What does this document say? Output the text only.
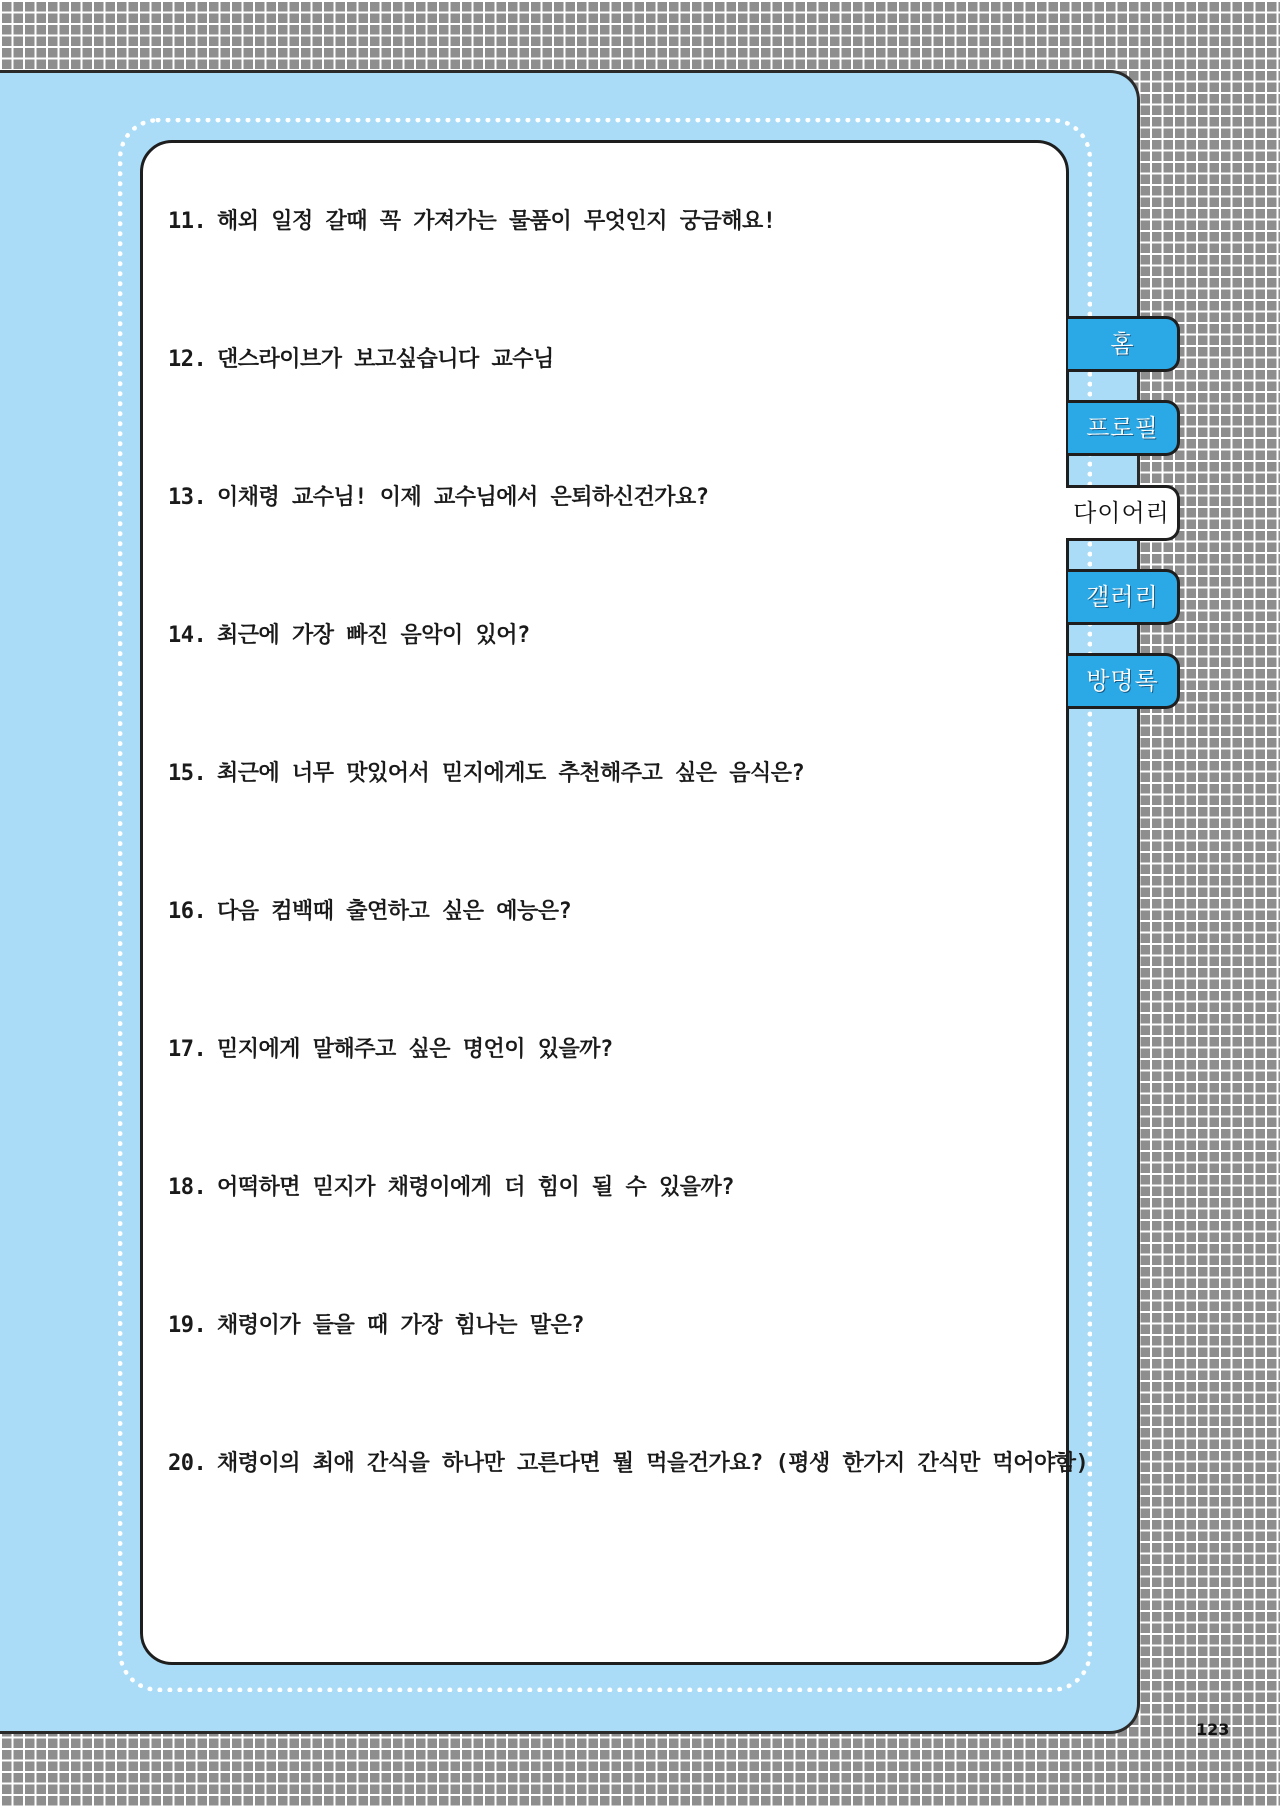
11. 해외 일정 갈때 꼭 가져가는 물품이 무엇인지 궁금해요!
12. 댄스라이브가 보고싶습니다 교수님
13. 이채령 교수님! 이제 교수님에서 은퇴하신건가요?
14. 최근에 가장 빠진 음악이 있어?
15. 최근에 너무 맛있어서 믿지에게도 추천해주고 싶은 음식은?
16. 다음 컴백때 출연하고 싶은 예능은?
17. 믿지에게 말해주고 싶은 명언이 있을까?
18. 어떡하면 믿지가 채령이에게 더 힘이 될 수 있을까?
19. 채령이가 들을 때 가장 힘나는 말은?
20. 채령이의 최애 간식을 하나만 고른다면 뭘 먹을건가요? (평생 한가지 간식만 먹어야함)
홈
프로필
다이어리
갤러리
방명록
123
